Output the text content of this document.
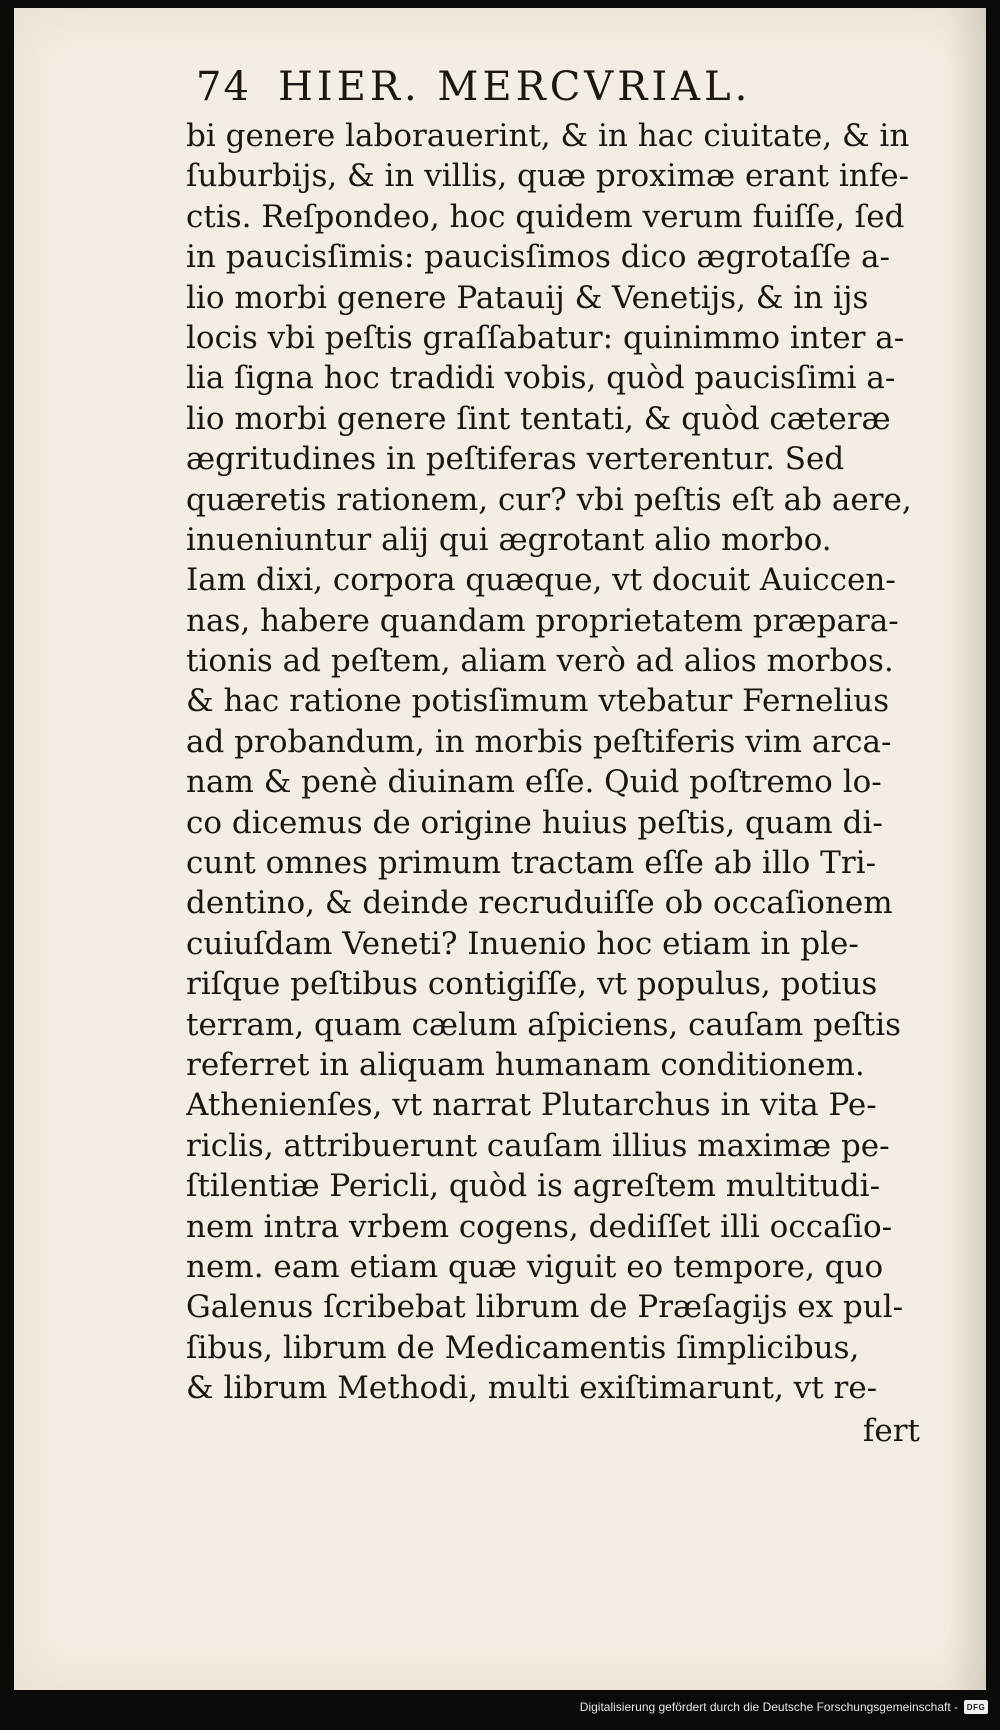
74 HIER. MERCVRIAL.
bi genere laborauerint, & in hac ciuitate, & in
ſuburbijs, & in villis, quæ proximæ erant infe-
ctis. Reſpondeo, hoc quidem verum fuiſſe, ſed
in paucisſimis: paucisſimos dico ægrotaſſe a-
lio morbi genere Patauij & Venetijs, & in ijs
locis vbi peſtis graſſabatur: quinimmo inter a-
lia ſigna hoc tradidi vobis, quòd paucisſimi a-
lio morbi genere ſint tentati, & quòd cæteræ
ægritudines in peſtiferas verterentur. Sed
quæretis rationem, cur? vbi peſtis eſt ab aere,
inueniuntur alij qui ægrotant alio morbo.
Iam dixi, corpora quæque, vt docuit Auiccen-
nas, habere quandam proprietatem præpara-
tionis ad peſtem, aliam verò ad alios morbos.
& hac ratione potisſimum vtebatur Fernelius
ad probandum, in morbis peſtiferis vim arca-
nam & penè diuinam eſſe. Quid poſtremo lo-
co dicemus de origine huius peſtis, quam di-
cunt omnes primum tractam eſſe ab illo Tri-
dentino, & deinde recruduiſſe ob occaſionem
cuiuſdam Veneti? Inuenio hoc etiam in ple-
riſque peſtibus contigiſſe, vt populus, potius
terram, quam cælum aſpiciens, cauſam peſtis
referret in aliquam humanam conditionem.
Athenienſes, vt narrat Plutarchus in vita Pe-
riclis, attribuerunt cauſam illius maximæ pe-
ſtilentiæ Pericli, quòd is agreſtem multitudi-
nem intra vrbem cogens, dediſſet illi occaſio-
nem. eam etiam quæ viguit eo tempore, quo
Galenus ſcribebat librum de Præſagijs ex pul-
ſibus, librum de Medicamentis ſimplicibus,
& librum Methodi, multi exiſtimarunt, vt re-
fert
Digitalisierung gefördert durch die Deutsche Forschungsgemeinschaft -	DFG
